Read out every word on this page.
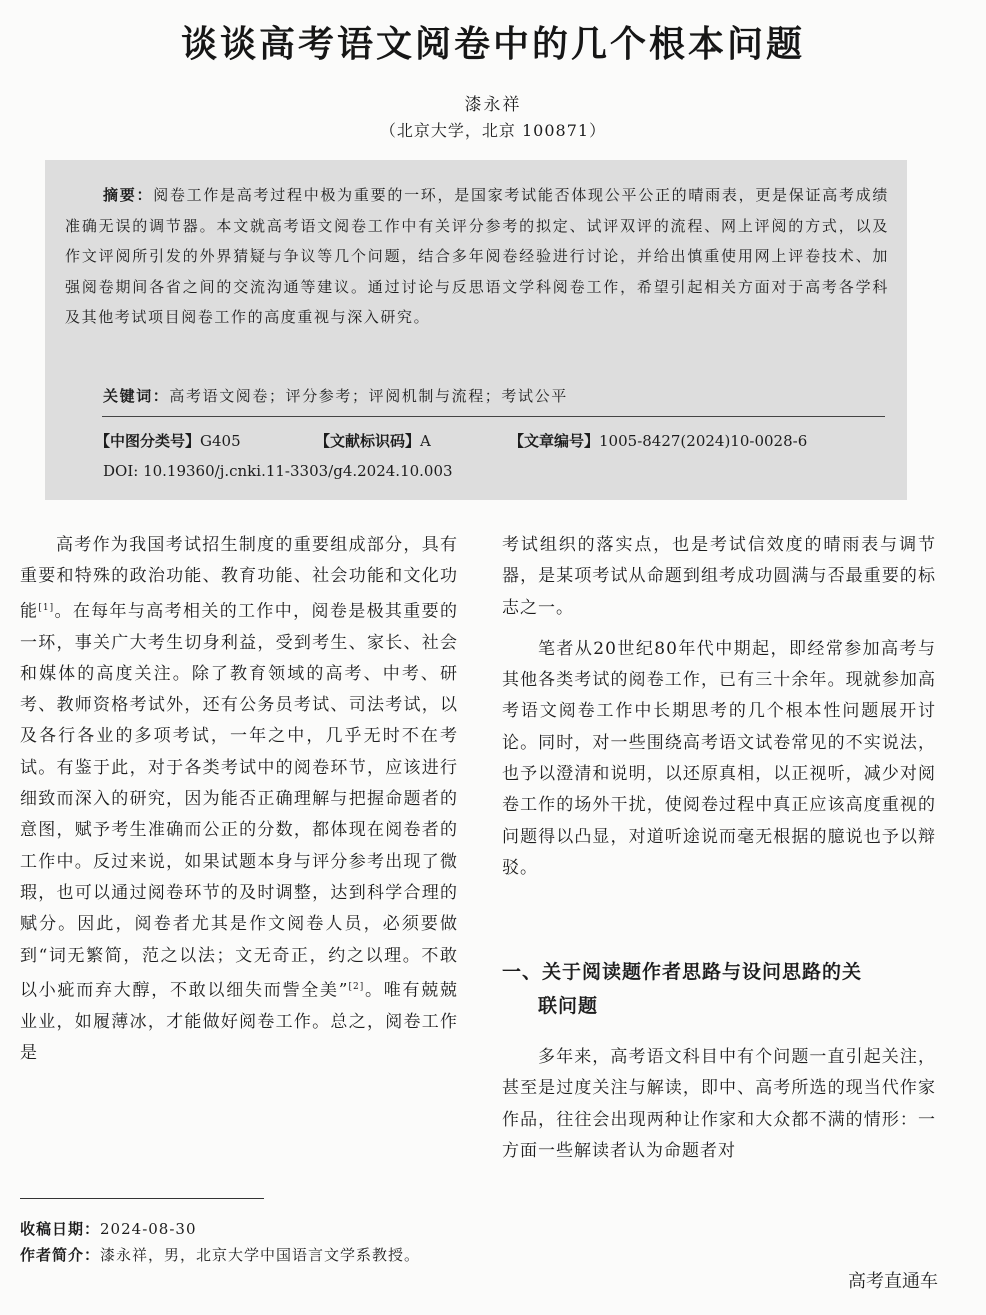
谈谈高考语文阅卷中的几个根本问题
漆永祥
（北京大学，北京 100871）
摘要：阅卷工作是高考过程中极为重要的一环，是国家考试能否体现公平公正的晴雨表，更是保证高考成绩准确无误的调节器。本文就高考语文阅卷工作中有关评分参考的拟定、试评双评的流程、网上评阅的方式，以及作文评阅所引发的外界猜疑与争议等几个问题，结合多年阅卷经验进行讨论，并给出慎重使用网上评卷技术、加强阅卷期间各省之间的交流沟通等建议。通过讨论与反思语文学科阅卷工作，希望引起相关方面对于高考各学科及其他考试项目阅卷工作的高度重视与深入研究。
关键词：高考语文阅卷；评分参考；评阅机制与流程；考试公平
【中图分类号】G405	【文献标识码】A	【文章编号】1005-8427(2024)10-0028-6
DOI: 10.19360/j.cnki.11-3303/g4.2024.10.003

高考作为我国考试招生制度的重要组成部分，具有重要和特殊的政治功能、教育功能、社会功能和文化功能[1]。在每年与高考相关的工作中，阅卷是极其重要的一环，事关广大考生切身利益，受到考生、家长、社会和媒体的高度关注。除了教育领域的高考、中考、研考、教师资格考试外，还有公务员考试、司法考试，以及各行各业的多项考试，一年之中，几乎无时不在考试。有鉴于此，对于各类考试中的阅卷环节，应该进行细致而深入的研究，因为能否正确理解与把握命题者的意图，赋予考生准确而公正的分数，都体现在阅卷者的工作中。反过来说，如果试题本身与评分参考出现了微瑕，也可以通过阅卷环节的及时调整，达到科学合理的赋分。因此，阅卷者尤其是作文阅卷人员，必须要做到“词无繁简，范之以法；文无奇正，约之以理。不敢以小疵而弃大醇，不敢以细失而訾全美”[2]。唯有兢兢业业，如履薄冰，才能做好阅卷工作。总之，阅卷工作是

考试组织的落实点，也是考试信效度的晴雨表与调节器，是某项考试从命题到组考成功圆满与否最重要的标志之一。

笔者从20世纪80年代中期起，即经常参加高考与其他各类考试的阅卷工作，已有三十余年。现就参加高考语文阅卷工作中长期思考的几个根本性问题展开讨论。同时，对一些围绕高考语文试卷常见的不实说法，也予以澄清和说明，以还原真相，以正视听，减少对阅卷工作的场外干扰，使阅卷过程中真正应该高度重视的问题得以凸显，对道听途说而毫无根据的臆说也予以辩驳。

一、关于阅读题作者思路与设问思路的关
联问题

多年来，高考语文科目中有个问题一直引起关注，甚至是过度关注与解读，即中、高考所选的现当代作家作品，往往会出现两种让作家和大众都不满的情形：一方面一些解读者认为命题者对

收稿日期：2024-08-30
作者简介：漆永祥，男，北京大学中国语言文学系教授。
高考直通车
